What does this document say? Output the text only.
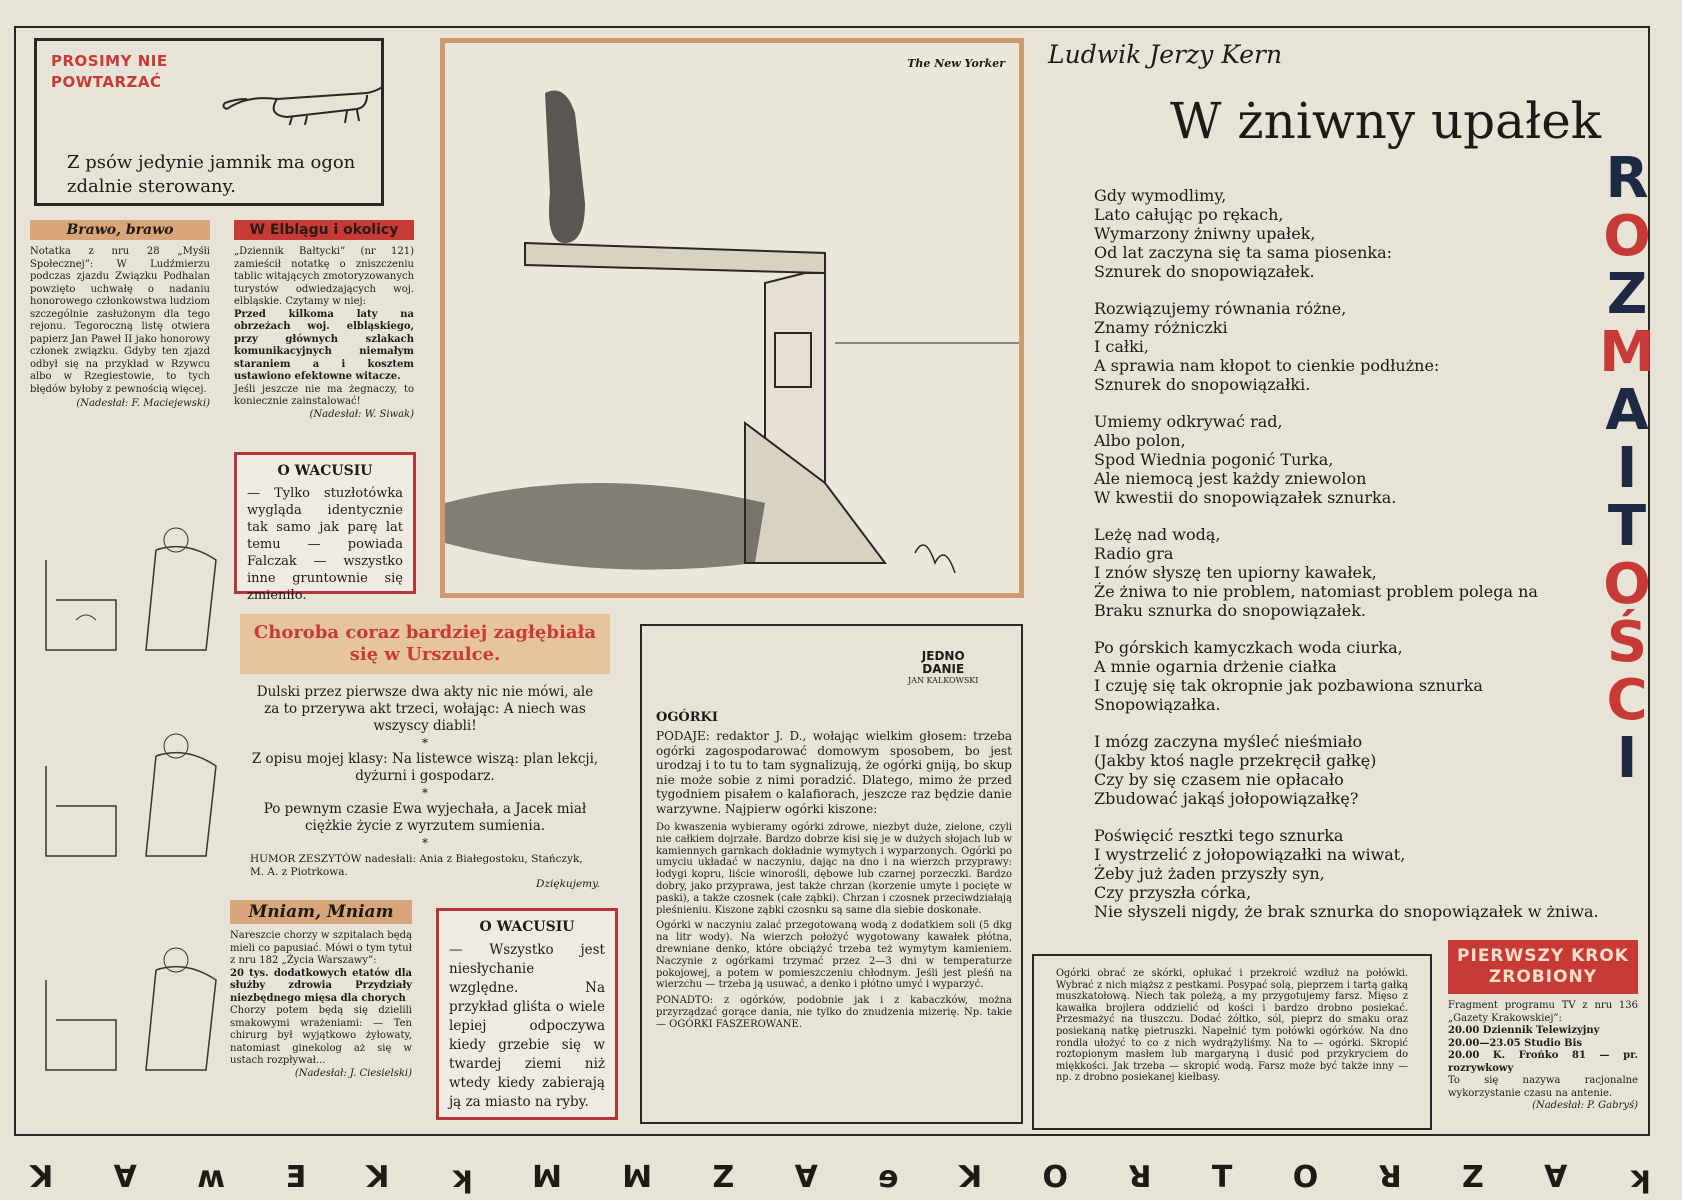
PROSIMY NIE
POWTARZAĆ
Z psów jedynie jamnik ma ogon zdalnie sterowany.
Brawo, brawo
Notatka z nru 28 „Myśli Społecznej”: W Ludźmierzu podczas zjazdu Związku Podhalan powzięto uchwałę o nadaniu honorowego członkowstwa ludziom szczególnie zasłużonym dla tego rejonu. Tegoroczną listę otwiera papierz Jan Paweł II jako honorowy członek związku. Gdyby ten zjazd odbył się na przykład w Rzywcu albo w Rzegiestowie, to tych błędów byłoby z pewnością więcej.
(Nadesłał: F. Maciejewski)
W Elblągu i okolicy
„Dziennik Bałtycki” (nr 121) zamieścił notatkę o zniszczeniu tablic witających zmotoryzowanych turystów odwiedzających woj. elbląskie. Czytamy w niej:
Przed kilkoma laty na obrzeżach woj. elbląskiego, przy głównych szlakach komunikacyjnych niemałym staraniem a i kosztem ustawiono efektowne witacze.
Jeśli jeszcze nie ma żegnaczy, to koniecznie zainstalować!
(Nadesłał: W. Siwak)
O WACUSIU
— Tylko stuzłotówka wygląda identycznie tak samo jak parę lat temu — powiada Falczak — wszystko inne gruntownie się zmieniło.
The New Yorker Ludwik Jerzy Kern
W żniwny upałek
Gdy wymodlimy,
Lato całując po rękach,
Wymarzony żniwny upałek,
Od lat zaczyna się ta sama piosenka:
Sznurek do snopowiązałek.
Rozwiązujemy równania różne,
Znamy różniczki
I całki,
A sprawia nam kłopot to cienkie podłużne:
Sznurek do snopowiązałki.
Umiemy odkrywać rad,
Albo polon,
Spod Wiednia pogonić Turka,
Ale niemocą jest każdy zniewolon
W kwestii do snopowiązałek sznurka.
Leżę nad wodą,
Radio gra
I znów słyszę ten upiorny kawałek,
Że żniwa to nie problem, natomiast problem polega na
Braku sznurka do snopowiązałek.
Po górskich kamyczkach woda ciurka,
A mnie ogarnia drżenie ciałka
I czuję się tak okropnie jak pozbawiona sznurka
Snopowiązałka.
I mózg zaczyna myśleć nieśmiało
(Jakby ktoś nagle przekręcił gałkę)
Czy by się czasem nie opłacało
Zbudować jakąś jołopowiązałkę?
Poświęcić resztki tego sznurka
I wystrzelić z jołopowiązałki na wiwat,
Żeby już żaden przyszły syn,
Czy przyszła córka,
Nie słyszeli nigdy, że brak sznurka do snopowiązałek w żniwa.
R
O
Z
M
A
I
T
O
Ś
C
I
Choroba coraz bardziej zagłębiała się w Urszulce.
Dulski przez pierwsze dwa akty nic nie mówi, ale za to przerywa akt trzeci, wołając: A niech was wszyscy diabli!
*
Z opisu mojej klasy: Na listewce wiszą: plan lekcji, dyżurni i gospodarz.
*
Po pewnym czasie Ewa wyjechała, a Jacek miał ciężkie życie z wyrzutem sumienia.
*
HUMOR ZESZYTÓW nadesłali: Ania z Białegostoku, Stańczyk, M. A. z Piotrkowa.
Dziękujemy.
JEDNO
DANIE
JAN KALKOWSKI
OGÓRKI
PODAJE: redaktor J. D., wołając wielkim głosem: trzeba ogórki zagospodarować domowym sposobem, bo jest urodzaj i to tu to tam sygnalizują, że ogórki gniją, bo skup nie może sobie z nimi poradzić. Dlatego, mimo że przed tygodniem pisałem o kalafiorach, jeszcze raz będzie danie warzywne. Najpierw ogórki kiszone:
Do kwaszenia wybieramy ogórki zdrowe, niezbyt duże, zielone, czyli nie całkiem dojrzałe. Bardzo dobrze kisi się je w dużych słojach lub w kamiennych garnkach dokładnie wymytych i wyparzonych. Ogórki po umyciu układać w naczyniu, dając na dno i na wierzch przyprawy: łodygi kopru, liście winorośli, dębowe lub czarnej porzeczki. Bardzo dobry, jako przyprawa, jest także chrzan (korzenie umyte i pocięte w paski), a także czosnek (całe ząbki). Chrzan i czosnek przeciwdziałają pleśnieniu. Kiszone ząbki czosnku są same dla siebie doskonałe.
Ogórki w naczyniu zalać przegotowaną wodą z dodatkiem soli (5 dkg na litr wody). Na wierzch położyć wygotowany kawałek płótna, drewniane denko, które obciążyć trzeba też wymytym kamieniem. Naczynie z ogórkami trzymać przez 2—3 dni w temperaturze pokojowej, a potem w pomieszczeniu chłodnym. Jeśli jest pleśń na wierzchu — trzeba ją usuwać, a denko i płótno umyć i wyparzyć.
PONADTO: z ogórków, podobnie jak i z kabaczków, można przyrządzać gorące dania, nie tylko do znudzenia mizerię. Np. takie — OGÓRKI FASZEROWANE.
Ogórki obrać ze skórki, opłukać i przekroić wzdłuż na połówki. Wybrać z nich miąższ z pestkami. Posypać solą, pieprzem i tartą gałką muszkatołową. Niech tak poleżą, a my przygotujemy farsz. Mięso z kawałka brojlera oddzielić od kości i bardzo drobno posiekać. Przesmażyć na tłuszczu. Dodać żółtko, sól, pieprz do smaku oraz posiekaną natkę pietruszki. Napełnić tym połówki ogórków. Na dno rondla ułożyć to co z nich wydrążyliśmy. Na to — ogórki. Skropić roztopionym masłem lub margaryną i dusić pod przykryciem do miękkości. Jak trzeba — skropić wodą. Farsz może być także inny — np. z drobno posiekanej kiełbasy.
Mniam, Mniam
Nareszcie chorzy w szpitalach będą mieli co papusiać. Mówi o tym tytuł z nru 182 „Życia Warszawy”:
20 tys. dodatkowych etatów dla służby zdrowia Przydziały niezbędnego mięsa dla chorych
Chorzy potem będą się dzielili smakowymi wrażeniami: — Ten chirurg był wyjątkowo żyłowaty, natomiast ginekolog aż się w ustach rozpływał...
(Nadesłał: J. Ciesielski)
O WACUSIU
— Wszystko jest niesłychanie względne. Na przykład gliśta o wiele lepiej odpoczywa kiedy grzebie się w twardej ziemi niż wtedy kiedy zabierają ją za miasto na ryby.
PIERWSZY KROK
ZROBIONY
Fragment programu TV z nru 136 „Gazety Krakowskiej”:
20.00 Dziennik Telewizyjny
20.00—23.05 Studio Bis
20.00 K. Frońko 81 — pr. rozrywkowy
To się nazywa racjonalne wykorzystanie czasu na antenie.
(Nadesłał: P. Gabryś)
ꓘ Ɐ ʍ Ǝ ꓘ ʞ ꟽ ꟽ Z Ɐ ɘ ꓘ O ꓤ T O ꓤ Z Ɐ ʞ
